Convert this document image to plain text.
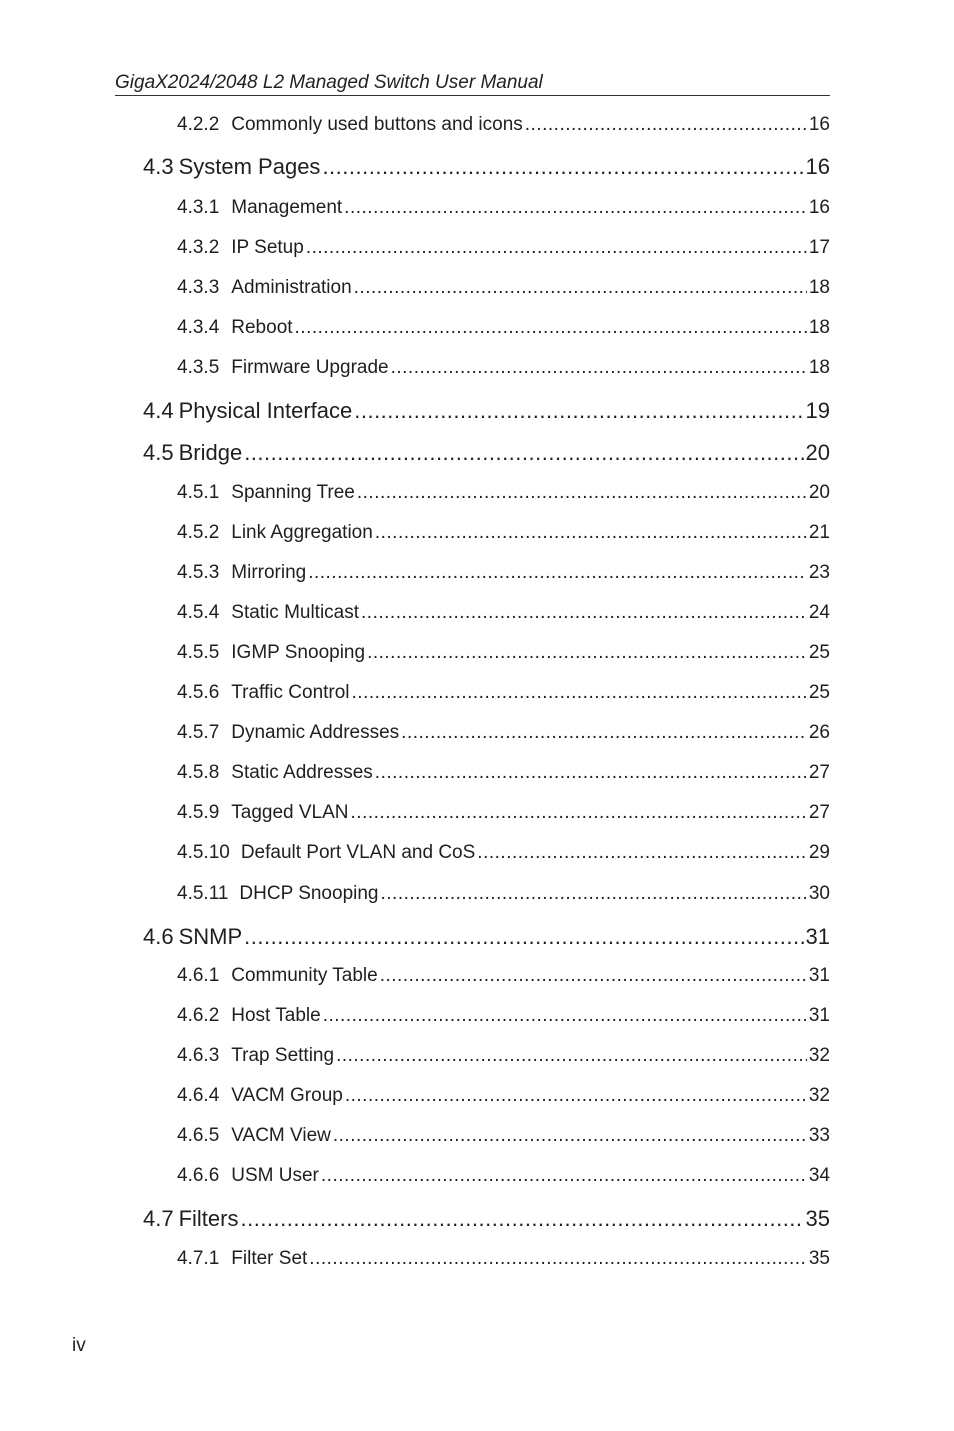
GigaX2024/2048 L2 Managed Switch User Manual
4.2.2 Commonly used buttons and icons .....	16
4.3 System Pages .....	16
4.3.1 Management .....	16
4.3.2 IP Setup .....	17
4.3.3 Administration .....	18
4.3.4 Reboot .....	18
4.3.5 Firmware Upgrade .....	18
4.4 Physical Interface .....	19
4.5 Bridge .....	20
4.5.1 Spanning Tree .....	20
4.5.2 Link Aggregation .....	21
4.5.3 Mirroring .....	23
4.5.4 Static Multicast .....	24
4.5.5 IGMP Snooping .....	25
4.5.6 Traffic Control .....	25
4.5.7 Dynamic Addresses .....	26
4.5.8 Static Addresses .....	27
4.5.9 Tagged VLAN .....	27
4.5.10 Default Port VLAN and CoS .....	29
4.5.11 DHCP Snooping .....	30
4.6 SNMP .....	31
4.6.1 Community Table .....	31
4.6.2 Host Table .....	31
4.6.3 Trap Setting .....	32
4.6.4 VACM Group .....	32
4.6.5 VACM View .....	33
4.6.6 USM User .....	34
4.7 Filters .....	35
4.7.1 Filter Set .....	35
iv
